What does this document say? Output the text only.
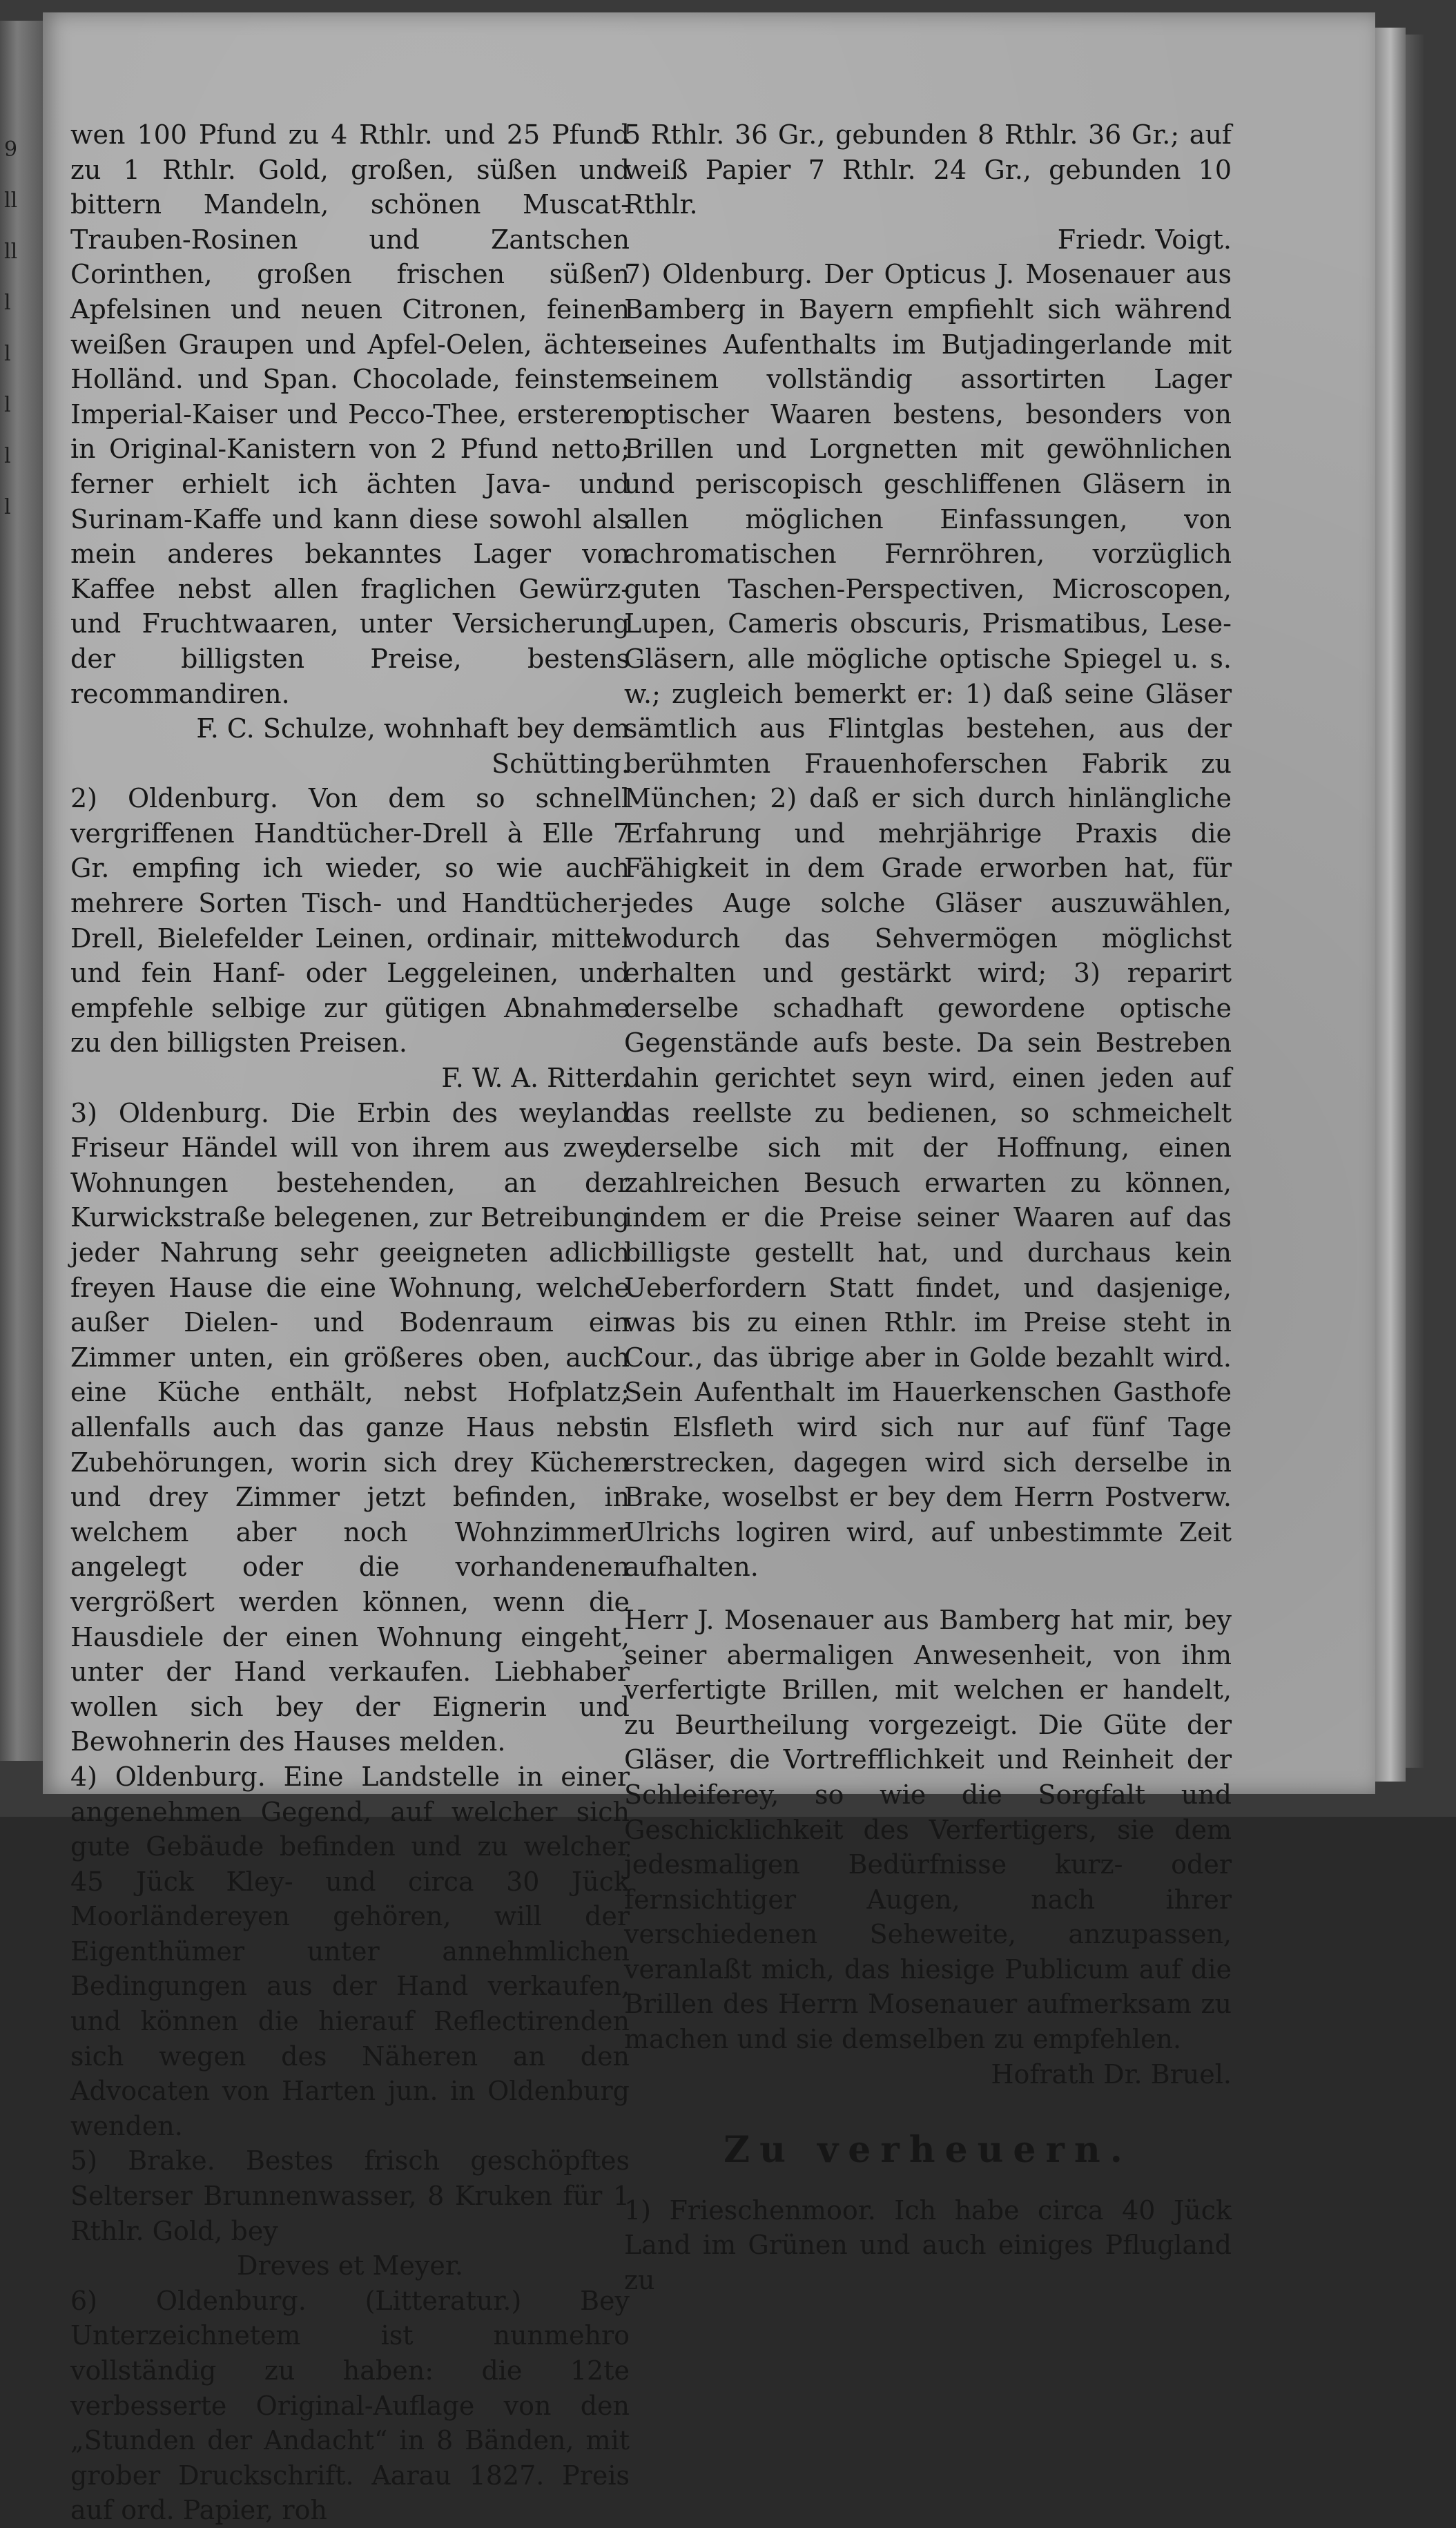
9
ll
ll
l
l
l
l
l

wen 100 Pfund zu 4 Rthlr. und 25 Pfund zu 1 Rthlr. Gold, großen, süßen und bittern Mandeln, schönen Muscat-Trauben-Rosinen und Zantschen Corinthen, großen frischen süßen Apfelsinen und neuen Citronen, feinen weißen Graupen und Apfel-Oelen, ächter Holländ. und Span. Chocolade, feinstem Imperial-Kaiser und Pecco-Thee, ersteren in Original-Kanistern von 2 Pfund netto; ferner erhielt ich ächten Java- und Surinam-Kaffe und kann diese sowohl als mein anderes bekanntes Lager von Kaffee nebst allen fraglichen Gewürz- und Fruchtwaaren, unter Versicherung der billigsten Preise, bestens recommandiren.

F. C. Schulze, wohnhaft bey dem Schütting.

2) Oldenburg. Von dem so schnell vergriffenen Handtücher-Drell à Elle 7 Gr. empfing ich wieder, so wie auch mehrere Sorten Tisch- und Handtücher-Drell, Bielefelder Leinen, ordinair, mittel und fein Hanf- oder Leggeleinen, und empfehle selbige zur gütigen Abnahme zu den billigsten Preisen.

F. W. A. Ritter.

3) Oldenburg. Die Erbin des weyland Friseur Händel will von ihrem aus zwey Wohnungen bestehenden, an der Kurwickstraße belegenen, zur Betreibung jeder Nahrung sehr geeigneten adlich freyen Hause die eine Wohnung, welche außer Dielen- und Bodenraum ein Zimmer unten, ein größeres oben, auch eine Küche enthält, nebst Hofplatz; allenfalls auch das ganze Haus nebst Zubehörungen, worin sich drey Küchen und drey Zimmer jetzt befinden, in welchem aber noch Wohnzimmer angelegt oder die vorhandenen vergrößert werden können, wenn die Hausdiele der einen Wohnung eingeht, unter der Hand verkaufen. Liebhaber wollen sich bey der Eignerin und Bewohnerin des Hauses melden.

4) Oldenburg. Eine Landstelle in einer angenehmen Gegend, auf welcher sich gute Gebäude befinden und zu welcher 45 Jück Kley- und circa 30 Jück Moorländereyen gehören, will der Eigenthümer unter annehmlichen Bedingungen aus der Hand verkaufen, und können die hierauf Reflectirenden sich wegen des Näheren an den Advocaten von Harten jun. in Oldenburg wenden.

5) Brake. Bestes frisch geschöpftes Selterser Brunnenwasser, 8 Kruken für 1 Rthlr. Gold, bey

Dreves et Meyer.

6) Oldenburg. (Litteratur.) Bey Unterzeichnetem ist nunmehro vollständig zu haben: die 12te verbesserte Original-Auflage von den „Stunden der Andacht“ in 8 Bänden, mit grober Druckschrift. Aarau 1827. Preis auf ord. Papier, roh

5 Rthlr. 36 Gr., gebunden 8 Rthlr. 36 Gr.; auf weiß Papier 7 Rthlr. 24 Gr., gebunden 10 Rthlr.

Friedr. Voigt.

7) Oldenburg. Der Opticus J. Mosenauer aus Bamberg in Bayern empfiehlt sich während seines Aufenthalts im Butjadingerlande mit seinem vollständig assortirten Lager optischer Waaren bestens, besonders von Brillen und Lorgnetten mit gewöhnlichen und periscopisch geschliffenen Gläsern in allen möglichen Einfassungen, von achromatischen Fernröhren, vorzüglich guten Taschen-Perspectiven, Microscopen, Lupen, Cameris obscuris, Prismatibus, Lese-Gläsern, alle mögliche optische Spiegel u. s. w.; zugleich bemerkt er: 1) daß seine Gläser sämtlich aus Flintglas bestehen, aus der berühmten Frauenhoferschen Fabrik zu München; 2) daß er sich durch hinlängliche Erfahrung und mehrjährige Praxis die Fähigkeit in dem Grade erworben hat, für jedes Auge solche Gläser auszuwählen, wodurch das Sehvermögen möglichst erhalten und gestärkt wird; 3) reparirt derselbe schadhaft gewordene optische Gegenstände aufs beste. Da sein Bestreben dahin gerichtet seyn wird, einen jeden auf das reellste zu bedienen, so schmeichelt derselbe sich mit der Hoffnung, einen zahlreichen Besuch erwarten zu können, indem er die Preise seiner Waaren auf das billigste gestellt hat, und durchaus kein Ueberfordern Statt findet, und dasjenige, was bis zu einen Rthlr. im Preise steht in Cour., das übrige aber in Golde bezahlt wird. Sein Aufenthalt im Hauerkenschen Gasthofe in Elsfleth wird sich nur auf fünf Tage erstrecken, dagegen wird sich derselbe in Brake, woselbst er bey dem Herrn Postverw. Ulrichs logiren wird, auf unbestimmte Zeit aufhalten.

Herr J. Mosenauer aus Bamberg hat mir, bey seiner abermaligen Anwesenheit, von ihm verfertigte Brillen, mit welchen er handelt, zu Beurtheilung vorgezeigt. Die Güte der Gläser, die Vortrefflichkeit und Reinheit der Schleiferey, so wie die Sorgfalt und Geschicklichkeit des Verfertigers, sie dem jedesmaligen Bedürfnisse kurz- oder fernsichtiger Augen, nach ihrer verschiedenen Seheweite, anzupassen, veranlaßt mich, das hiesige Publicum auf die Brillen des Herrn Mosenauer aufmerksam zu machen und sie demselben zu empfehlen.

Hofrath Dr. Bruel.

Zu verheuern.

1) Frieschenmoor. Ich habe circa 40 Jück Land im Grünen und auch einiges Pflugland zu
